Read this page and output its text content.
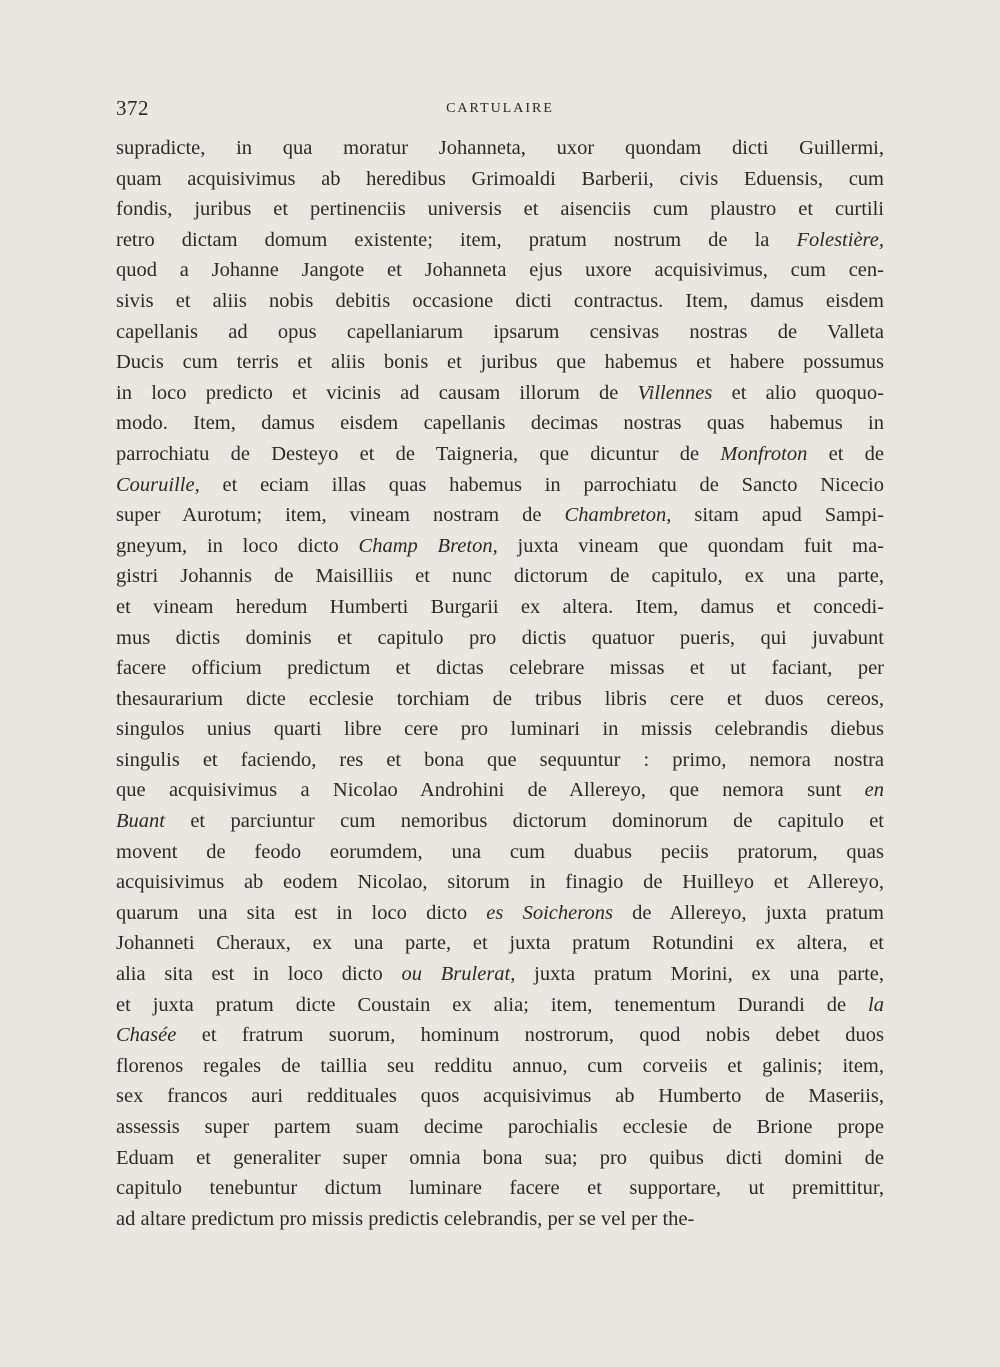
372	CARTULAIRE
supradicte, in qua moratur Johanneta, uxor quondam dicti Guillermi,
quam acquisivimus ab heredibus Grimoaldi Barberii, civis Eduensis, cum
fondis, juribus et pertinenciis universis et aisenciis cum plaustro et curtili
retro dictam domum existente; item, pratum nostrum de la Folestière,
quod a Johanne Jangote et Johanneta ejus uxore acquisivimus, cum cen-
sivis et aliis nobis debitis occasione dicti contractus. Item, damus eisdem
capellanis ad opus capellaniarum ipsarum censivas nostras de Valleta
Ducis cum terris et aliis bonis et juribus que habemus et habere possumus
in loco predicto et vicinis ad causam illorum de Villennes et alio quoquo-
modo. Item, damus eisdem capellanis decimas nostras quas habemus in
parrochiatu de Desteyo et de Taigneria, que dicuntur de Monfroton et de
Couruille, et eciam illas quas habemus in parrochiatu de Sancto Nicecio
super Aurotum; item, vineam nostram de Chambreton, sitam apud Sampi-
gneyum, in loco dicto Champ Breton, juxta vineam que quondam fuit ma-
gistri Johannis de Maisilliis et nunc dictorum de capitulo, ex una parte,
et vineam heredum Humberti Burgarii ex altera. Item, damus et concedi-
mus dictis dominis et capitulo pro dictis quatuor pueris, qui juvabunt
facere officium predictum et dictas celebrare missas et ut faciant, per
thesaurarium dicte ecclesie torchiam de tribus libris cere et duos cereos,
singulos unius quarti libre cere pro luminari in missis celebrandis diebus
singulis et faciendo, res et bona que sequuntur : primo, nemora nostra
que acquisivimus a Nicolao Androhini de Allereyo, que nemora sunt en
Buant et parciuntur cum nemoribus dictorum dominorum de capitulo et
movent de feodo eorumdem, una cum duabus peciis pratorum, quas
acquisivimus ab eodem Nicolao, sitorum in finagio de Huilleyo et Allereyo,
quarum una sita est in loco dicto es Soicherons de Allereyo, juxta pratum
Johanneti Cheraux, ex una parte, et juxta pratum Rotundini ex altera, et
alia sita est in loco dicto ou Brulerat, juxta pratum Morini, ex una parte,
et juxta pratum dicte Coustain ex alia; item, tenementum Durandi de la
Chasée et fratrum suorum, hominum nostrorum, quod nobis debet duos
florenos regales de taillia seu redditu annuo, cum corveiis et galinis; item,
sex francos auri reddituales quos acquisivimus ab Humberto de Maseriis,
assessis super partem suam decime parochialis ecclesie de Brione prope
Eduam et generaliter super omnia bona sua; pro quibus dicti domini de
capitulo tenebuntur dictum luminare facere et supportare, ut premittitur,
ad altare predictum pro missis predictis celebrandis, per se vel per the-
